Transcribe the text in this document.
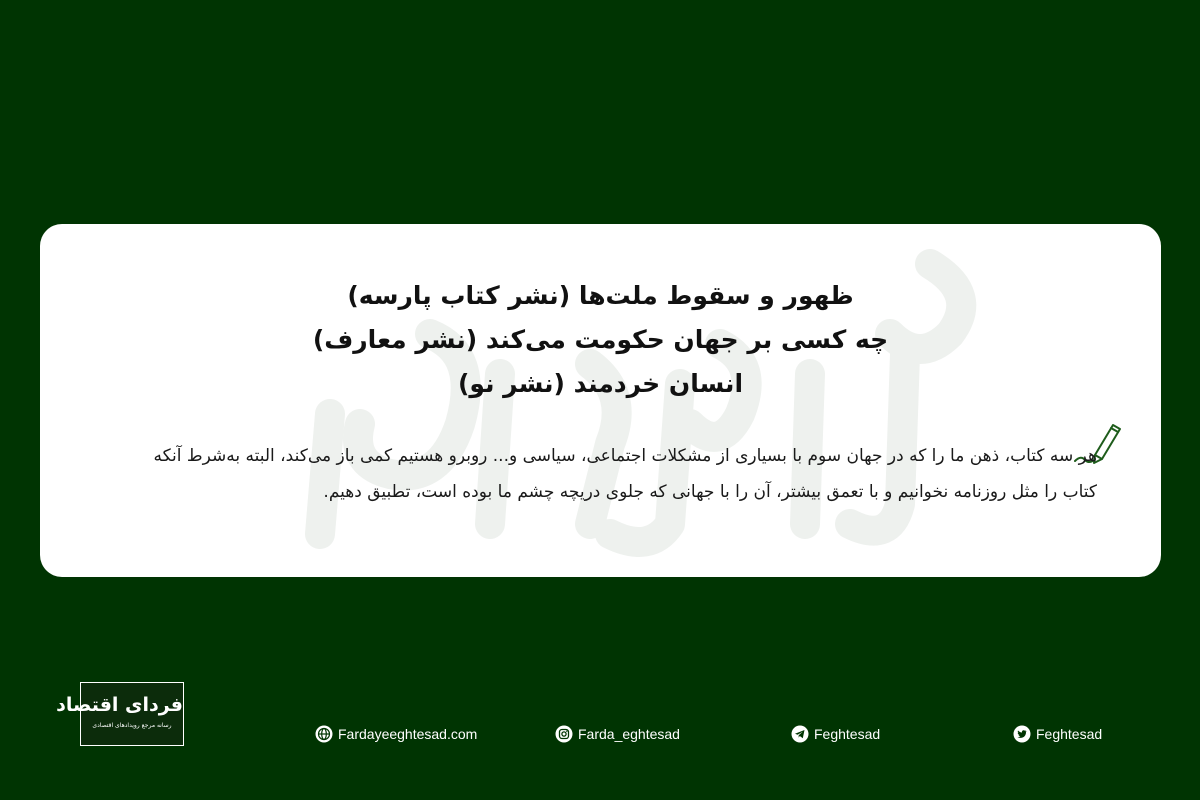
ظهور و سقوط ملت‌ها (نشر کتاب پارسه)
چه کسی بر جهان حکومت می‌کند (نشر معارف)
انسان خردمند (نشر نو)
هر سه کتاب، ذهن ما را که در جهان سوم با بسیاری از مشکلات اجتماعی، سیاسی و... روبرو هستیم کمی باز می‌کند، البته به‌شرط آنکه کتاب را مثل روزنامه نخوانیم و با تعمق بیشتر، آن را با جهانی که جلوی دریچه چشم ما بوده است، تطبیق دهیم.
فردای اقتصاد
رسانه مرجع رویدادهای اقتصادی
Fardayeeghtesad.com	Farda_eghtesad	Feghtesad	Feghtesad
